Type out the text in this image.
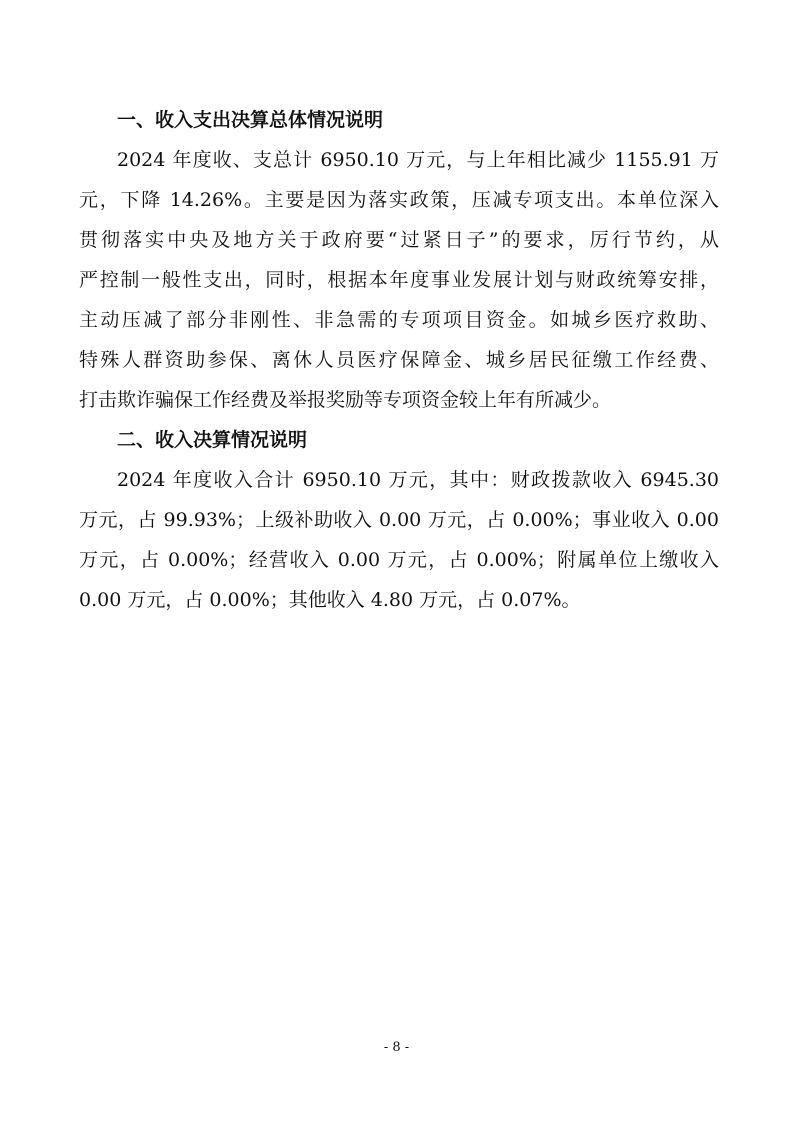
一、收入支出决算总体情况说明
2024 年度收、支总计 6950.10 万元，与上年相比减少 1155.91 万
元，下降 14.26%。主要是因为落实政策，压减专项支出。本单位深入
贯彻落实中央及地方关于政府要“过紧日子”的要求，厉行节约，从
严控制一般性支出，同时，根据本年度事业发展计划与财政统筹安排，
主动压减了部分非刚性、非急需的专项项目资金。如城乡医疗救助、
特殊人群资助参保、离休人员医疗保障金、城乡居民征缴工作经费、
打击欺诈骗保工作经费及举报奖励等专项资金较上年有所减少。
二、收入决算情况说明
2024 年度收入合计 6950.10 万元，其中：财政拨款收入 6945.30
万元，占 99.93%；上级补助收入 0.00 万元，占 0.00%；事业收入 0.00
万元，占 0.00%；经营收入 0.00 万元，占 0.00%；附属单位上缴收入
0.00 万元，占 0.00%；其他收入 4.80 万元，占 0.07%。
- 8 -
